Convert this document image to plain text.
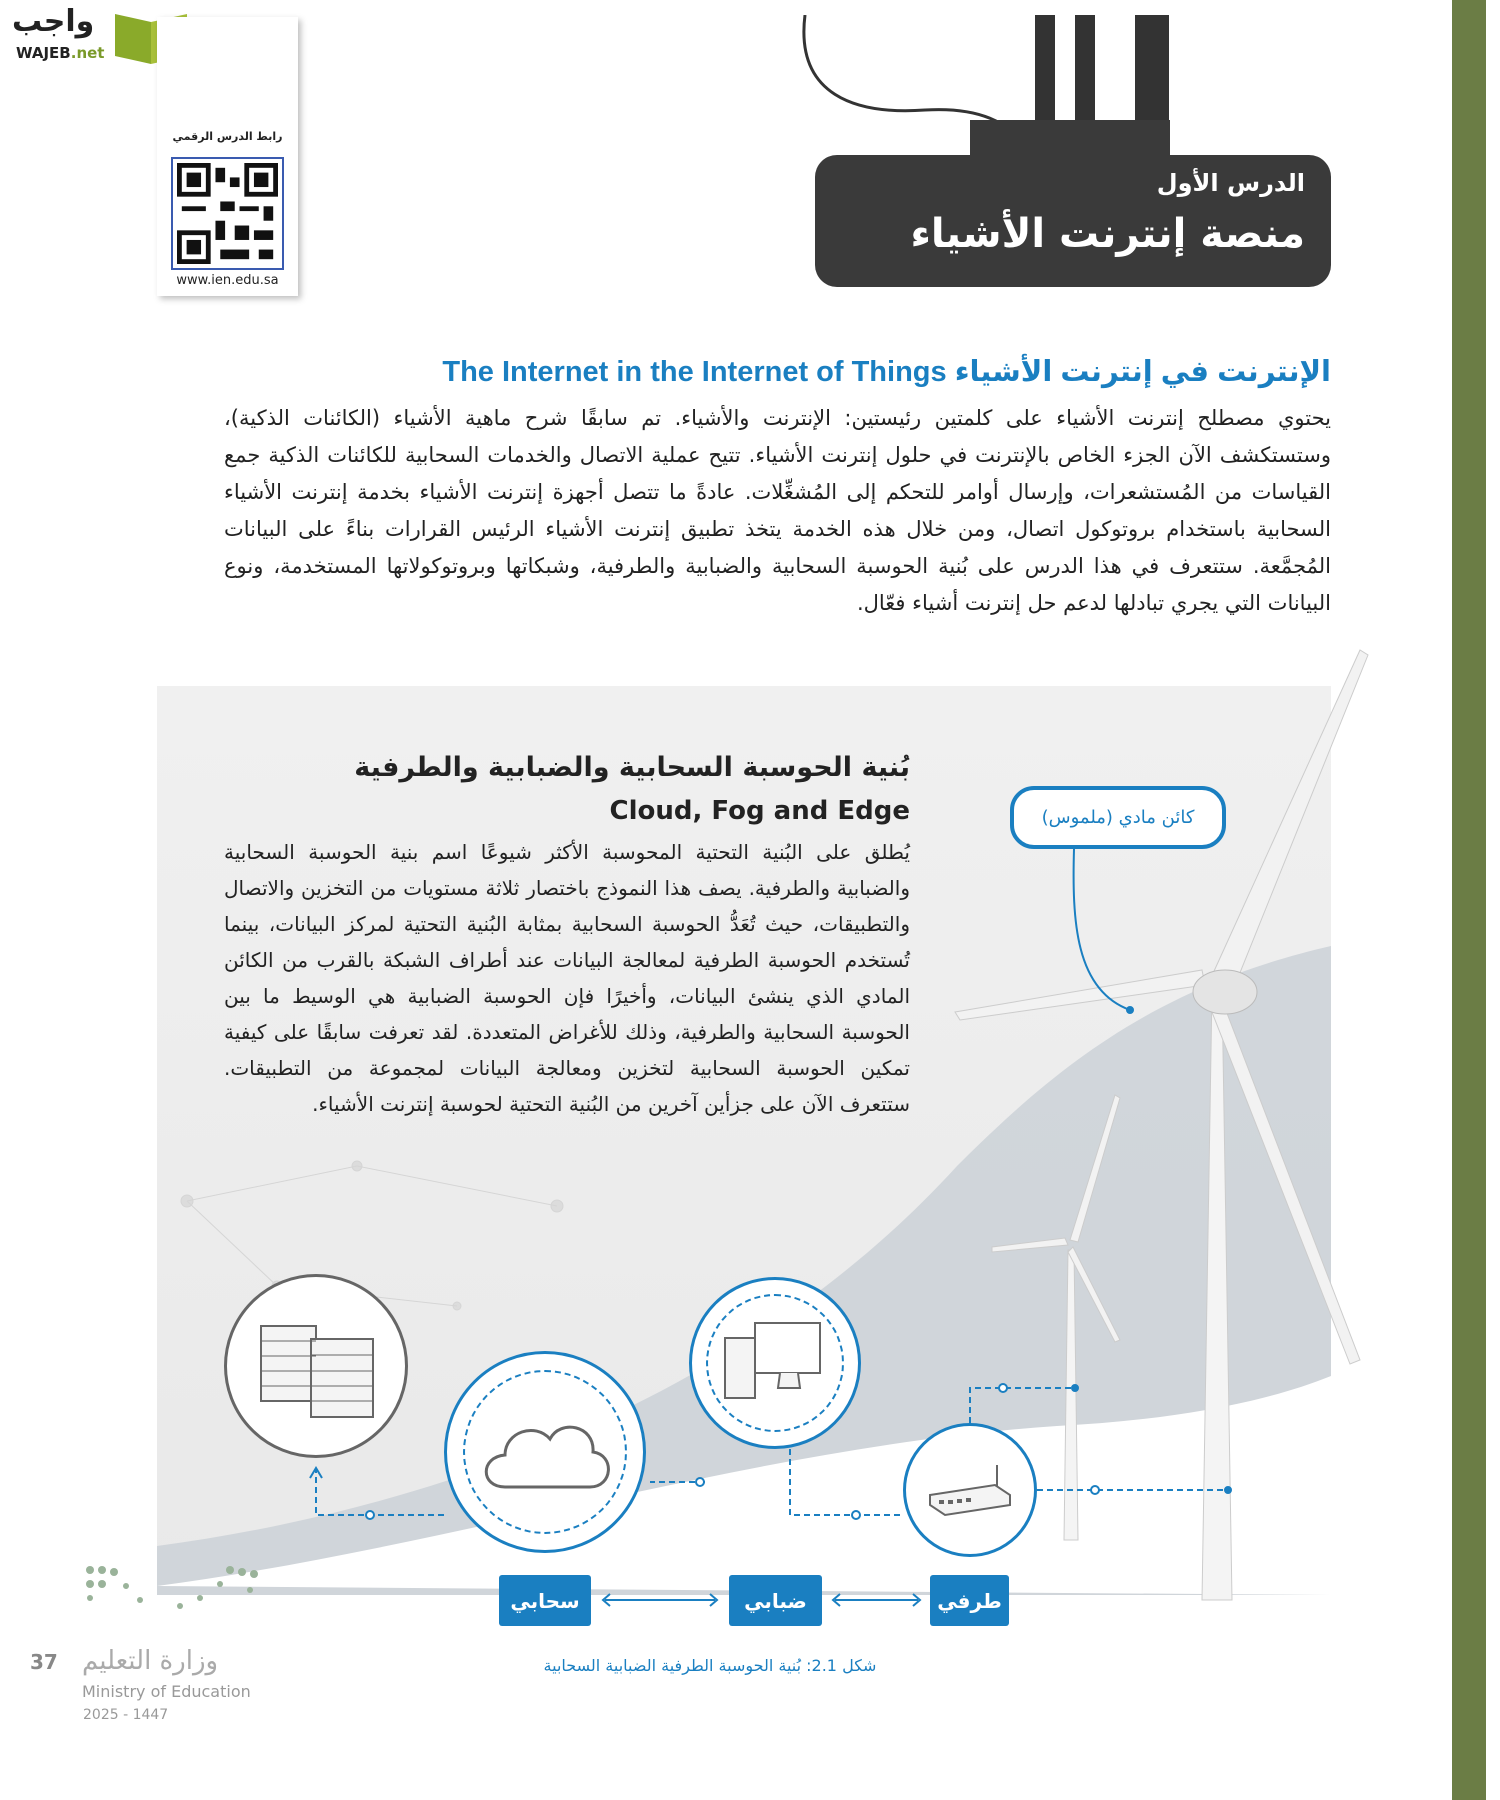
واجب
WAJEB.net
رابط الدرس الرقمي
www.ien.edu.sa
الدرس الأول
منصة إنترنت الأشياء
الإنترنت في إنترنت الأشياء The Internet in the Internet of Things
يحتوي مصطلح إنترنت الأشياء على كلمتين رئيستين: الإنترنت والأشياء. تم سابقًا شرح ماهية الأشياء (الكائنات الذكية)، وستستكشف الآن الجزء الخاص بالإنترنت في حلول إنترنت الأشياء. تتيح عملية الاتصال والخدمات السحابية للكائنات الذكية جمع القياسات من المُستشعرات، وإرسال أوامر للتحكم إلى المُشغِّلات. عادةً ما تتصل أجهزة إنترنت الأشياء بخدمة إنترنت الأشياء السحابية باستخدام بروتوكول اتصال، ومن خلال هذه الخدمة يتخذ تطبيق إنترنت الأشياء الرئيس القرارات بناءً على البيانات المُجمَّعة. ستتعرف في هذا الدرس على بُنية الحوسبة السحابية والضبابية والطرفية، وشبكاتها وبروتوكولاتها المستخدمة، ونوع البيانات التي يجري تبادلها لدعم حل إنترنت أشياء فعّال.
بُنية الحوسبة السحابية والضبابية والطرفية
Cloud, Fog and Edge
يُطلق على البُنية التحتية المحوسبة الأكثر شيوعًا اسم بنية الحوسبة السحابية والضبابية والطرفية. يصف هذا النموذج باختصار ثلاثة مستويات من التخزين والاتصال والتطبيقات، حيث تُعَدُّ الحوسبة السحابية بمثابة البُنية التحتية لمركز البيانات، بينما تُستخدم الحوسبة الطرفية لمعالجة البيانات عند أطراف الشبكة بالقرب من الكائن المادي الذي ينشئ البيانات، وأخيرًا فإن الحوسبة الضبابية هي الوسيط ما بين الحوسبة السحابية والطرفية، وذلك للأغراض المتعددة. لقد تعرفت سابقًا على كيفية تمكين الحوسبة السحابية لتخزين ومعالجة البيانات لمجموعة من التطبيقات. ستتعرف الآن على جزأين آخرين من البُنية التحتية لحوسبة إنترنت الأشياء.
كائن مادي (ملموس)
سحابي	ضبابي	طرفي
شكل 2.1: بُنية الحوسبة الطرفية الضبابية السحابية
وزارة التعليم
Ministry of Education
2025 - 1447
37
